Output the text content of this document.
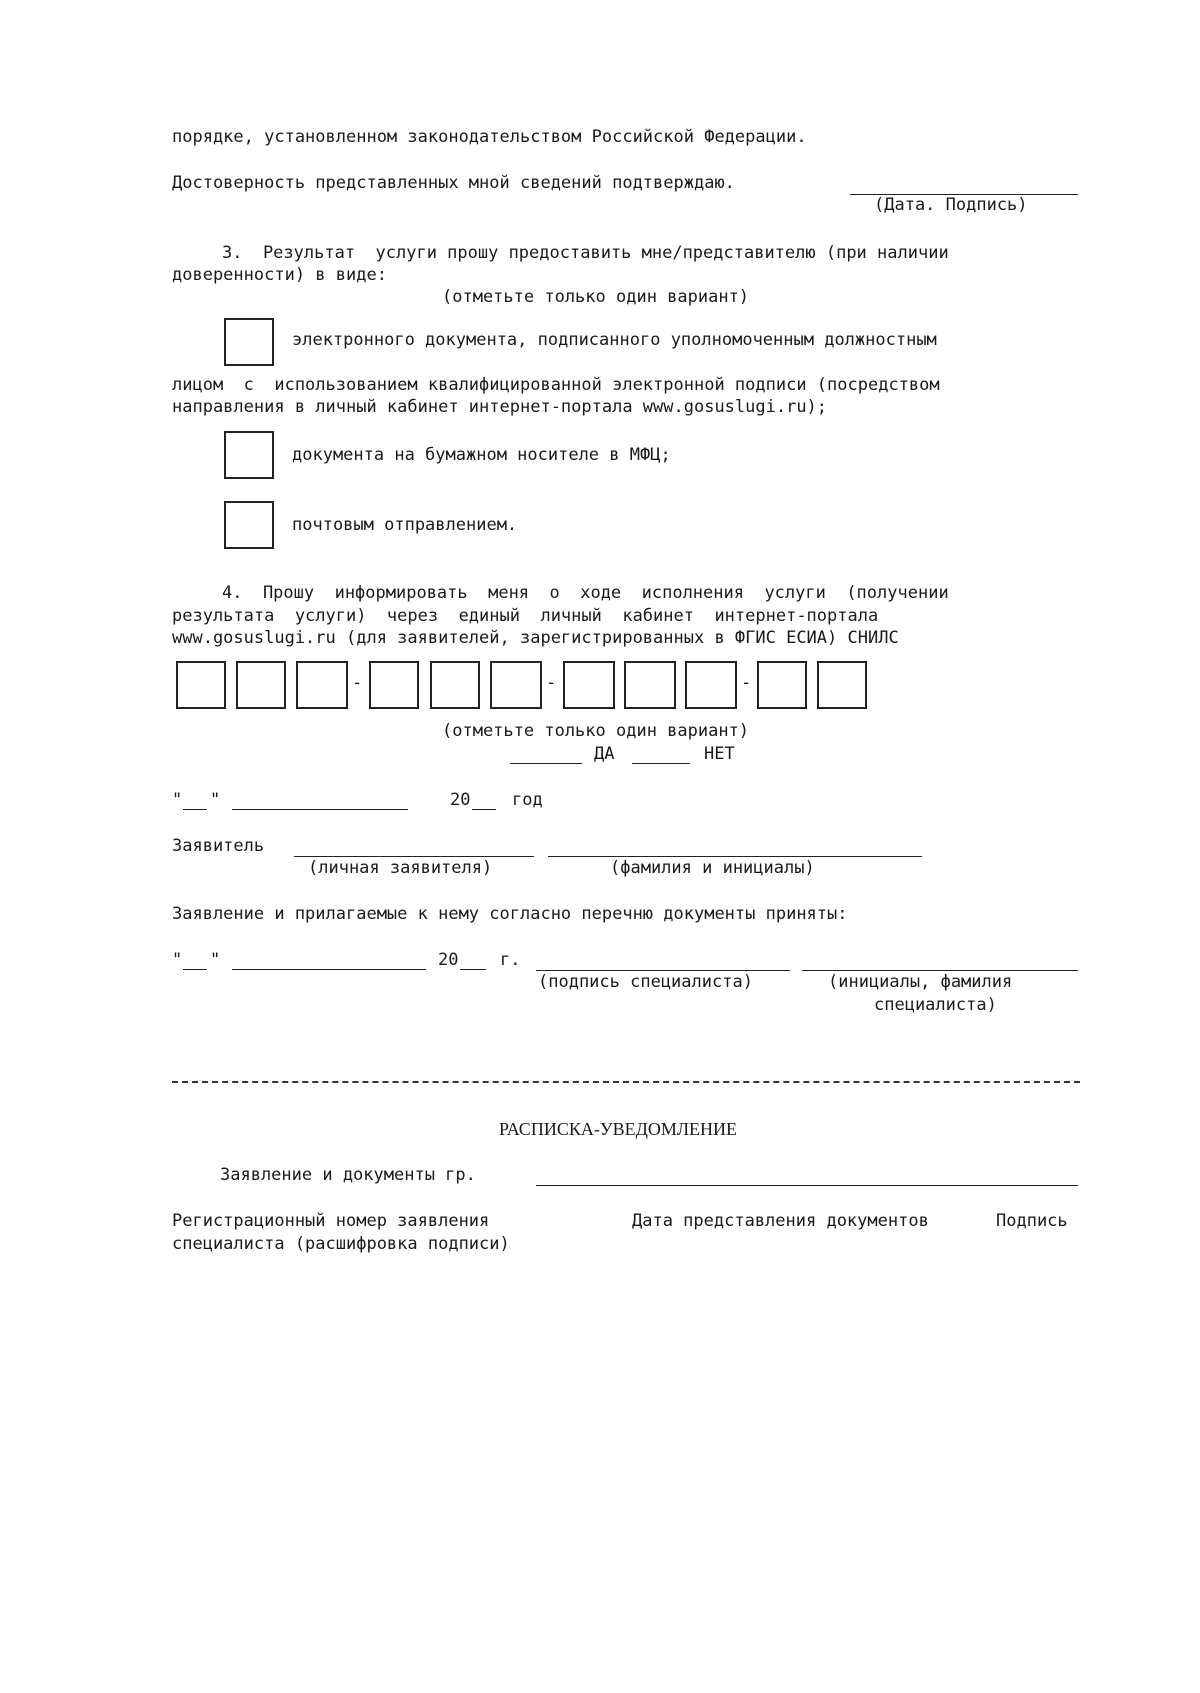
порядке, установленном законодательством Российской Федерации.
Достоверность представленных мной сведений подтверждаю.
(Дата. Подпись)
3.  Результат  услуги прошу предоставить мне/представителю (при наличии
доверенности) в виде:
(отметьте только один вариант)
электронного документа, подписанного уполномоченным должностным
лицом  с  использованием квалифицированной электронной подписи (посредством
направления в личный кабинет интернет-портала www.gosuslugi.ru);
документа на бумажном носителе в МФЦ;
почтовым отправлением.
4.  Прошу  информировать  меня  о  ходе  исполнения  услуги  (получении
результата  услуги)  через  единый  личный  кабинет  интернет-портала
www.gosuslugi.ru (для заявителей, зарегистрированных в ФГИС ЕСИА) СНИЛС
-	-	-
(отметьте только один вариант)
ДА	НЕТ
" "	20 год
Заявитель
(личная заявителя)	(фамилия и инициалы)
Заявление и прилагаемые к нему согласно перечню документы приняты:
" "	20 г.
(подпись специалиста)	(инициалы, фамилия
специалиста)
РАСПИСКА-УВЕДОМЛЕНИЕ
Заявление и документы гр.
Регистрационный номер заявления	Дата представления документов	Подпись
специалиста (расшифровка подписи)
